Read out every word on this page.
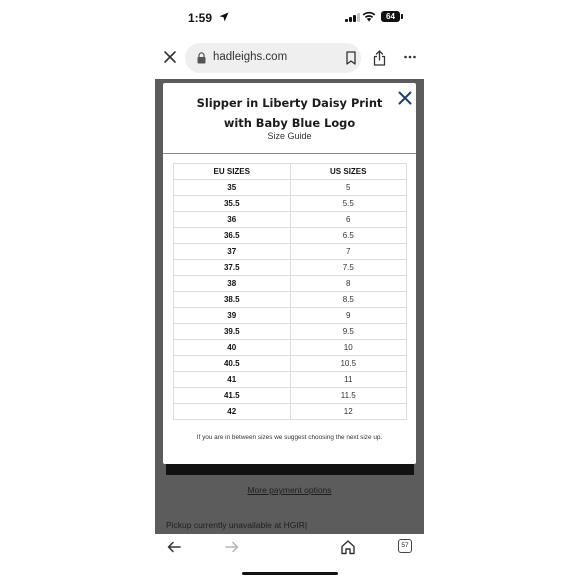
1:59	64
hadleighs.com
More payment options
Pickup currently unavailable at HGIR|
Slipper in Liberty Daisy Print
with Baby Blue Logo
Size Guide
EU SIZES	US SIZES
35	5
35.5	5.5
36	6
36.5	6.5
37	7
37.5	7.5
38	8
38.5	8.5
39	9
39.5	9.5
40	10
40.5	10.5
41	11
41.5	11.5
42	12
If you are in between sizes we suggest choosing the next size up.
57
